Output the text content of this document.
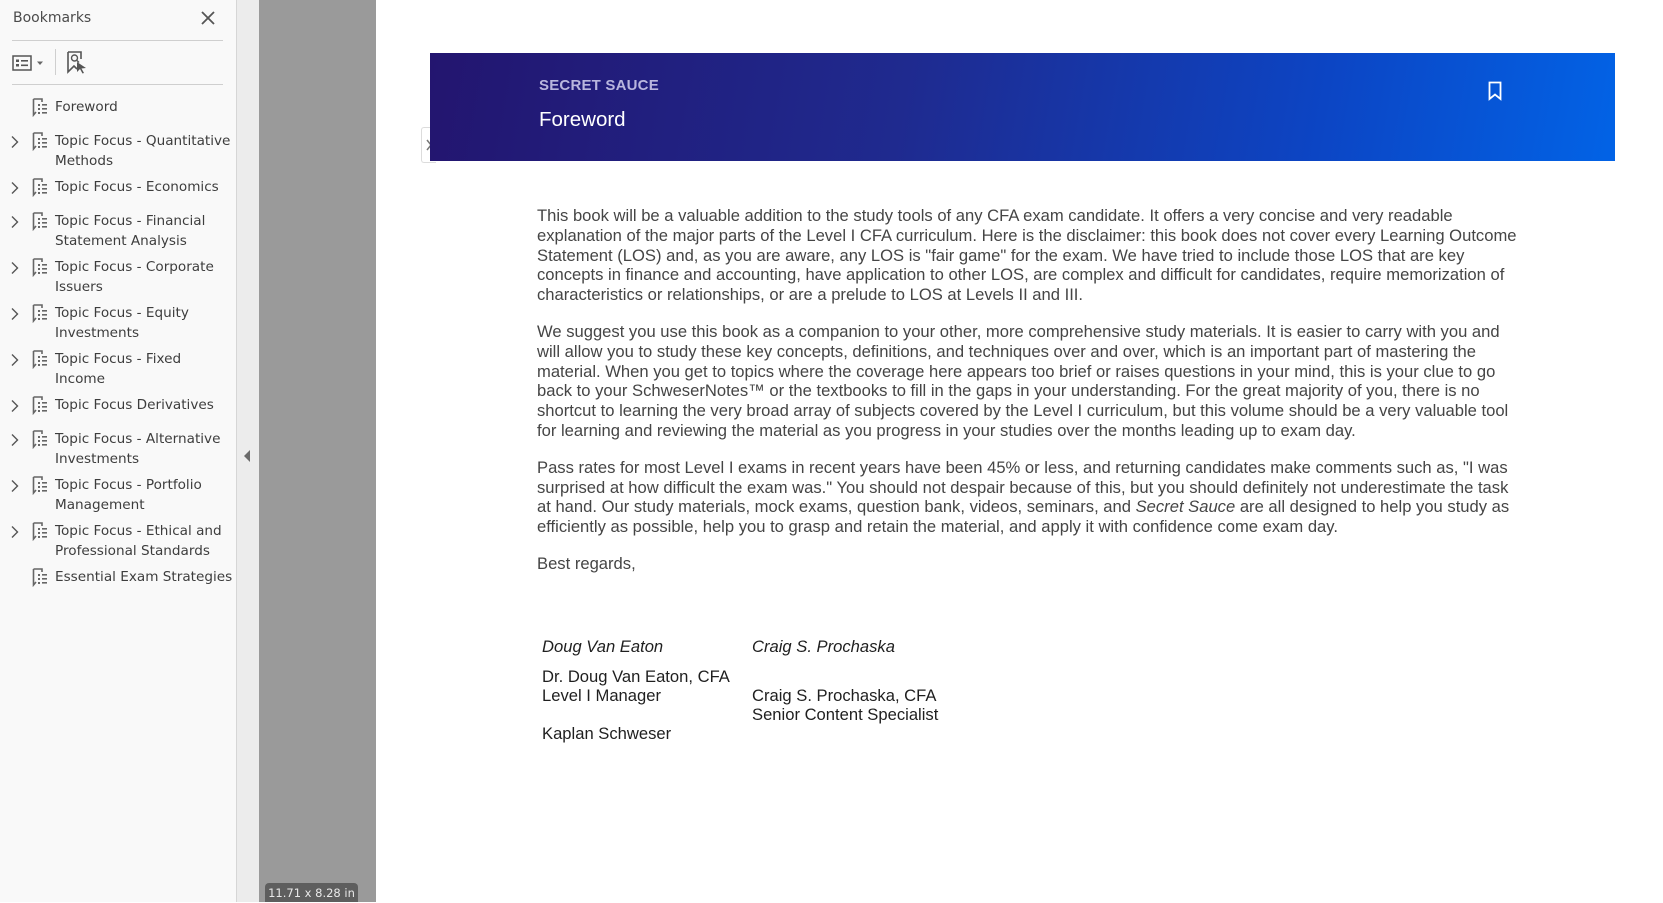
Bookmarks
Foreword
Topic Focus - Quantitative Methods
Topic Focus - Economics
Topic Focus - Financial Statement Analysis
Topic Focus - Corporate Issuers
Topic Focus - Equity Investments
Topic Focus - Fixed Income
Topic Focus Derivatives
Topic Focus - Alternative Investments
Topic Focus - Portfolio Management
Topic Focus - Ethical and Professional Standards
Essential Exam Strategies
11.71 x 8.28 in
SECRET SAUCE
Foreword

This book will be a valuable addition to the study tools of any CFA exam candidate. It offers a very concise and very readable explanation of the major parts of the Level I CFA curriculum. Here is the disclaimer: this book does not cover every Learning Outcome Statement (LOS) and, as you are aware, any LOS is "fair game" for the exam. We have tried to include those LOS that are key concepts in finance and accounting, have application to other LOS, are complex and difficult for candidates, require memorization of characteristics or relationships, or are a prelude to LOS at Levels II and III.

We suggest you use this book as a companion to your other, more comprehensive study materials. It is easier to carry with you and will allow you to study these key concepts, definitions, and techniques over and over, which is an important part of mastering the material. When you get to topics where the coverage here appears too brief or raises questions in your mind, this is your clue to go back to your SchweserNotes™ or the textbooks to fill in the gaps in your understanding. For the great majority of you, there is no shortcut to learning the very broad array of subjects covered by the Level I curriculum, but this volume should be a very valuable tool for learning and reviewing the material as you progress in your studies over the months leading up to exam day.

Pass rates for most Level I exams in recent years have been 45% or less, and returning candidates make comments such as, "I was surprised at how difficult the exam was." You should not despair because of this, but you should definitely not underestimate the task at hand. Our study materials, mock exams, question bank, videos, seminars, and Secret Sauce are all designed to help you study as efficiently as possible, help you to grasp and retain the material, and apply it with confidence come exam day.

Best regards,

Doug Van Eaton	Craig S. Prochaska
Dr. Doug Van Eaton, CFA
Level I Manager	Craig S. Prochaska, CFA
Senior Content Specialist
Kaplan Schweser
